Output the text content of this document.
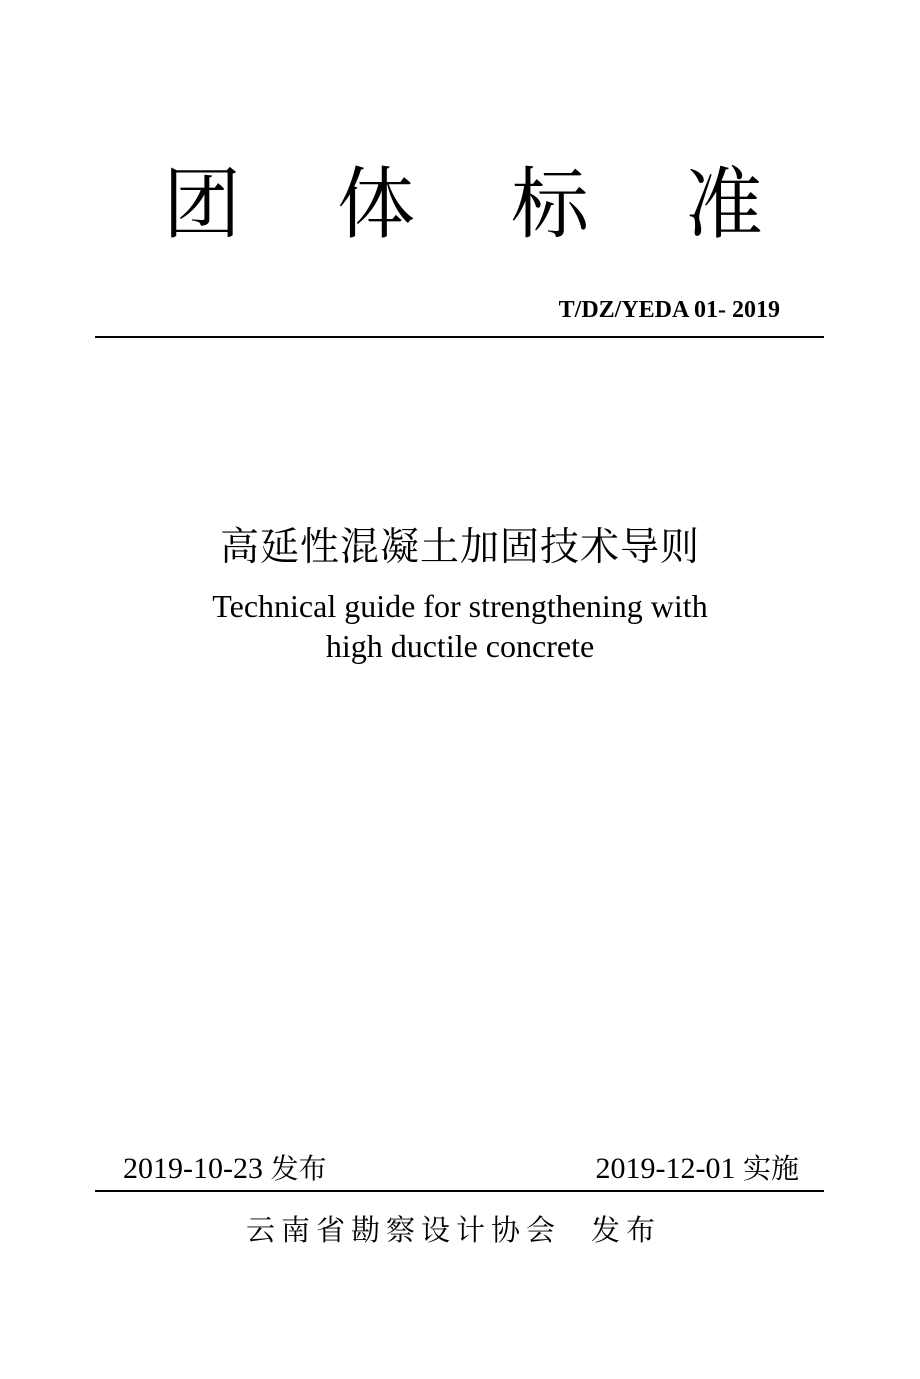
团 体 标 准
T/DZ/YEDA 01- 2019
高延性混凝土加固技术导则
Technical guide for strengthening with
high ductile concrete
2019-10-23 发布	2019-12-01 实施
云南省勘察设计协会 发布
